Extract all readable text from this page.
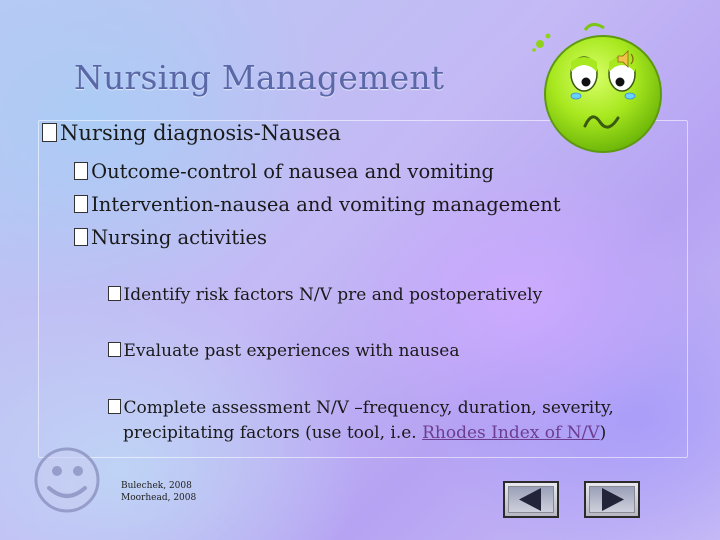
Nursing Management
Nursing diagnosis-Nausea
Outcome-control of nausea and vomiting
Intervention-nausea and vomiting management
Nursing activities
Identify risk factors N/V pre and postoperatively
Evaluate past experiences with nausea
Complete assessment N/V –frequency, duration, severity,
precipitating factors (use tool, i.e. Rhodes Index of N/V)
Bulechek, 2008
Moorhead, 2008
